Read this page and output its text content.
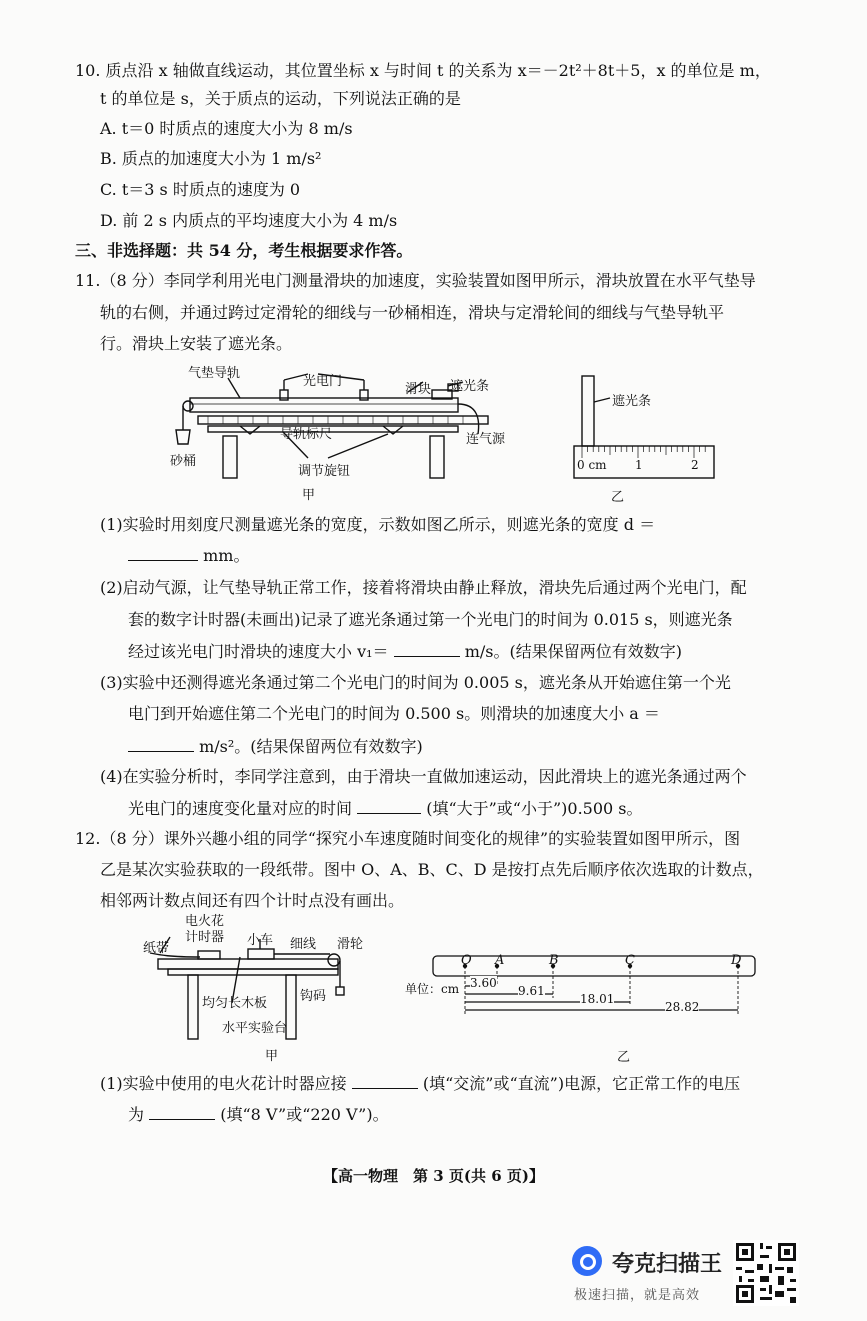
10. 质点沿 x 轴做直线运动，其位置坐标 x 与时间 t 的关系为 x＝－2t²＋8t＋5，x 的单位是 m，
t 的单位是 s，关于质点的运动，下列说法正确的是
A. t＝0 时质点的速度大小为 8 m/s
B. 质点的加速度大小为 1 m/s²
C. t＝3 s 时质点的速度为 0
D. 前 2 s 内质点的平均速度大小为 4 m/s
三、非选择题：共 54 分，考生根据要求作答。
11.（8 分）李同学利用光电门测量滑块的加速度，实验装置如图甲所示，滑块放置在水平气垫导
轨的右侧，并通过跨过定滑轮的细线与一砂桶相连，滑块与定滑轮间的细线与气垫导轨平
行。滑块上安装了遮光条。
气垫导轨
光电门
滑块 遮光条
导轨标尺	连气源
砂桶
调节旋钮
甲
遮光条
0 cm 1	2
乙
(1)实验时用刻度尺测量遮光条的宽度，示数如图乙所示，则遮光条的宽度 d ＝
mm。
(2)启动气源，让气垫导轨正常工作，接着将滑块由静止释放，滑块先后通过两个光电门，配
套的数字计时器(未画出)记录了遮光条通过第一个光电门的时间为 0.015 s，则遮光条
经过该光电门时滑块的速度大小 v₁＝	m/s。(结果保留两位有效数字)
(3)实验中还测得遮光条通过第二个光电门的时间为 0.005 s，遮光条从开始遮住第一个光
电门到开始遮住第二个光电门的时间为 0.500 s。则滑块的加速度大小 a ＝
m/s²。(结果保留两位有效数字)
(4)在实验分析时，李同学注意到，由于滑块一直做加速运动，因此滑块上的遮光条通过两个
光电门的速度变化量对应的时间	(填“大于”或“小于”)0.500 s。
12.（8 分）课外兴趣小组的同学“探究小车速度随时间变化的规律”的实验装置如图甲所示，图
乙是某次实验获取的一段纸带。图中 O、A、B、C、D 是按打点先后顺序依次选取的计数点，
相邻两计数点间还有四个计时点没有画出。
电火花
计时器
纸带
小车 细线 滑轮
均匀长木板	钩码
水平实验台
甲
O A	B	C	D
单位：cm 3.60
9.61
18.01
28.82
乙
(1)实验中使用的电火花计时器应接	(填“交流”或“直流”)电源，它正常工作的电压
为	(填“8 V”或“220 V”)。
【高一物理　第 3 页(共 6 页)】
夸克扫描王
极速扫描，就是高效
